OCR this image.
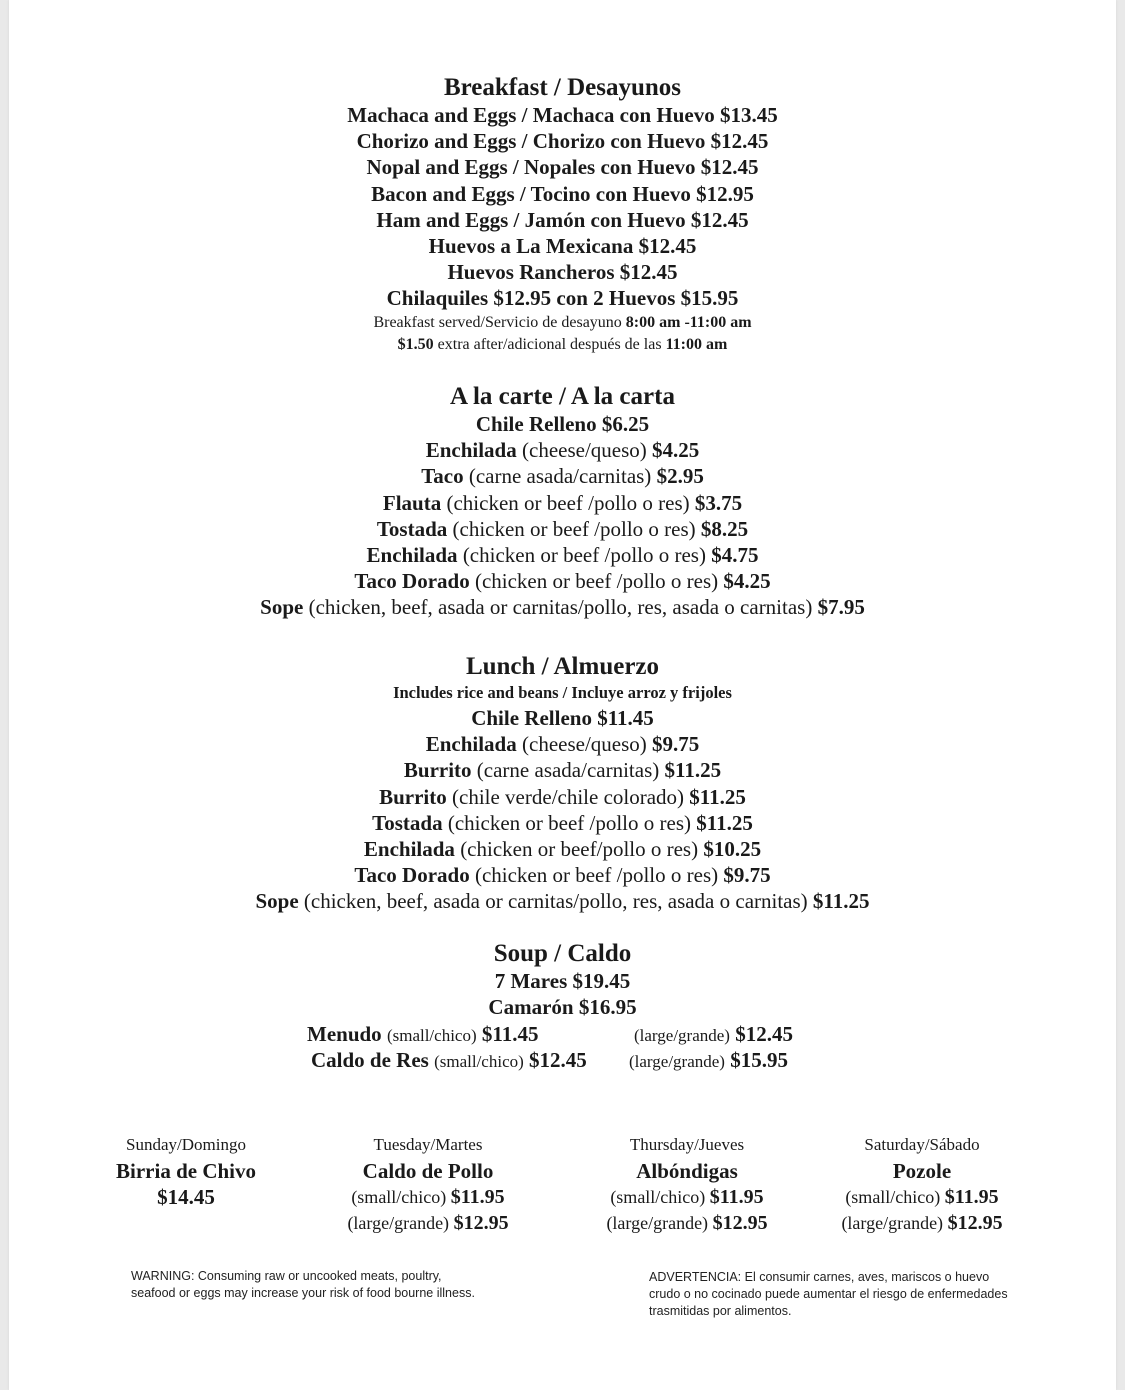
Breakfast / Desayunos
Machaca and Eggs / Machaca con Huevo $13.45
Chorizo and Eggs / Chorizo con Huevo $12.45
Nopal and Eggs / Nopales con Huevo $12.45
Bacon and Eggs / Tocino con Huevo $12.95
Ham and Eggs / Jamón con Huevo $12.45
Huevos a La Mexicana $12.45
Huevos Rancheros $12.45
Chilaquiles $12.95 con 2 Huevos $15.95
Breakfast served/Servicio de desayuno 8:00 am -11:00 am
$1.50 extra after/adicional después de las 11:00 am
A la carte / A la carta
Chile Relleno $6.25
Enchilada (cheese/queso) $4.25
Taco (carne asada/carnitas) $2.95
Flauta (chicken or beef /pollo o res) $3.75
Tostada (chicken or beef /pollo o res) $8.25
Enchilada (chicken or beef /pollo o res) $4.75
Taco Dorado (chicken or beef /pollo o res) $4.25
Sope (chicken, beef, asada or carnitas/pollo, res, asada o carnitas) $7.95
Lunch / Almuerzo
Includes rice and beans / Incluye arroz y frijoles
Chile Relleno $11.45
Enchilada (cheese/queso) $9.75
Burrito (carne asada/carnitas) $11.25
Burrito (chile verde/chile colorado) $11.25
Tostada (chicken or beef /pollo o res) $11.25
Enchilada (chicken or beef/pollo o res) $10.25
Taco Dorado (chicken or beef /pollo o res) $9.75
Sope (chicken, beef, asada or carnitas/pollo, res, asada o carnitas) $11.25
Soup / Caldo
7 Mares $19.45
Camarón $16.95
Menudo (small/chico) $11.45	(large/grande) $12.45
Caldo de Res (small/chico) $12.45 (large/grande) $15.95
Sunday/Domingo
Birria de Chivo
$14.45
Tuesday/Martes
Caldo de Pollo
(small/chico) $11.95
(large/grande) $12.95
Thursday/Jueves
Albóndigas
(small/chico) $11.95
(large/grande) $12.95
Saturday/Sábado
Pozole
(small/chico) $11.95
(large/grande) $12.95
WARNING: Consuming raw or uncooked meats, poultry, seafood or eggs may increase your risk of food bourne illness.
ADVERTENCIA: El consumir carnes, aves, mariscos o huevo crudo o no cocinado puede aumentar el riesgo de enfermedades trasmitidas por alimentos.
